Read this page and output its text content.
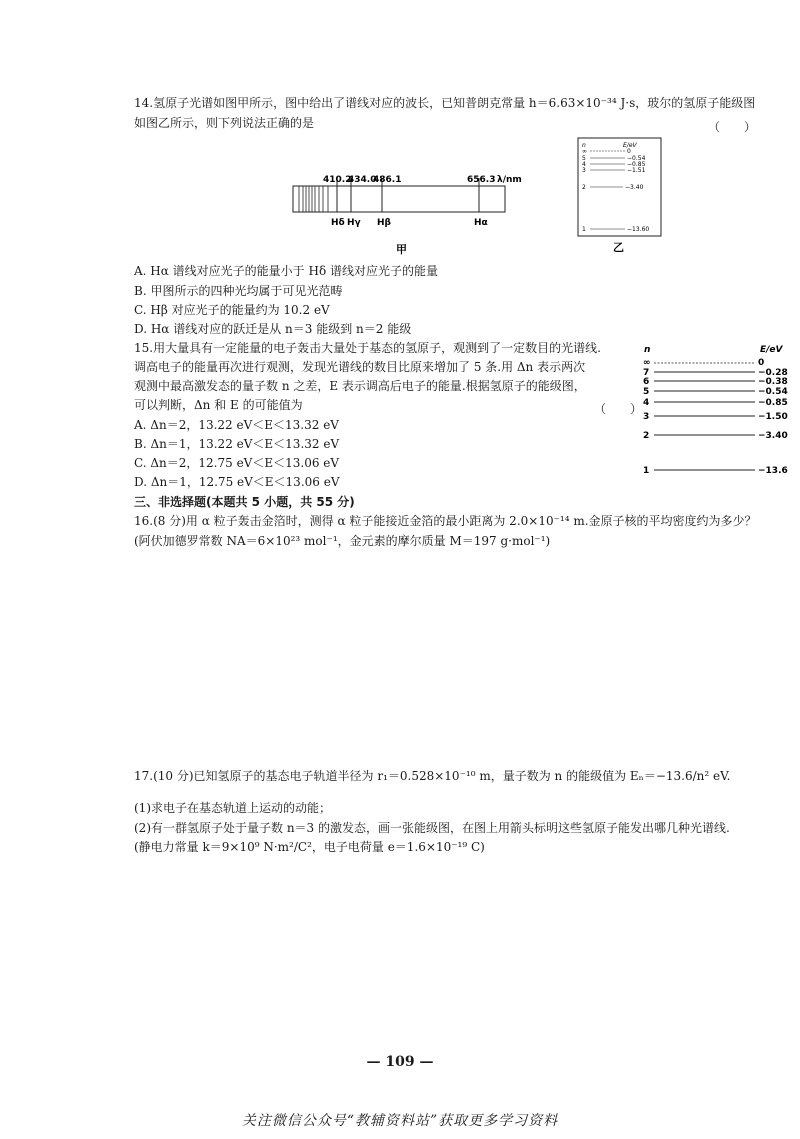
14.氢原子光谱如图甲所示，图中给出了谱线对应的波长，已知普朗克常量 h＝6.63×10⁻³⁴ J·s，玻尔的氢原子能级图
如图乙所示，则下列说法正确的是	（　　）
410.2
434.0
486.1	656.3 λ/nm
Hδ Hγ Hβ	Hα
甲
n	E/eV
∞	0
5	−0.54
4	−0.85
3	−1.51
2	−3.40
1	−13.60
乙
A. Hα 谱线对应光子的能量小于 Hδ 谱线对应光子的能量
B. 甲图所示的四种光均属于可见光范畴
C. Hβ 对应光子的能量约为 10.2 eV
D. Hα 谱线对应的跃迁是从 n＝3 能级到 n＝2 能级
15.用大量具有一定能量的电子轰击大量处于基态的氢原子，观测到了一定数目的光谱线.
调高电子的能量再次进行观测，发现光谱线的数目比原来增加了 5 条.用 Δn 表示两次
观测中最高激发态的量子数 n 之差，E 表示调高后电子的能量.根据氢原子的能级图，
可以判断，Δn 和 E 的可能值为	（　　）
A. Δn＝2，13.22 eV＜E＜13.32 eV
B. Δn＝1，13.22 eV＜E＜13.32 eV
C. Δn＝2，12.75 eV＜E＜13.06 eV
D. Δn＝1，12.75 eV＜E＜13.06 eV
n	E/eV
∞	0
7	−0.28
6	−0.38
5	−0.54
4	−0.85
3	−1.50
2	−3.40
1	−13.6
三、非选择题(本题共 5 小题，共 55 分)
16.(8 分)用 α 粒子轰击金箔时，测得 α 粒子能接近金箔的最小距离为 2.0×10⁻¹⁴ m.金原子核的平均密度约为多少？
(阿伏加德罗常数 NA＝6×10²³ mol⁻¹，金元素的摩尔质量 M＝197 g·mol⁻¹)
17.(10 分)已知氢原子的基态电子轨道半径为 r₁＝0.528×10⁻¹⁰ m，量子数为 n 的能级值为 Eₙ＝−13.6/n² eV.
(1)求电子在基态轨道上运动的动能；
(2)有一群氢原子处于量子数 n＝3 的激发态，画一张能级图，在图上用箭头标明这些氢原子能发出哪几种光谱线.
(静电力常量 k＝9×10⁹ N·m²/C²，电子电荷量 e＝1.6×10⁻¹⁹ C)
— 109 —
关注微信公众号“教辅资料站”获取更多学习资料
